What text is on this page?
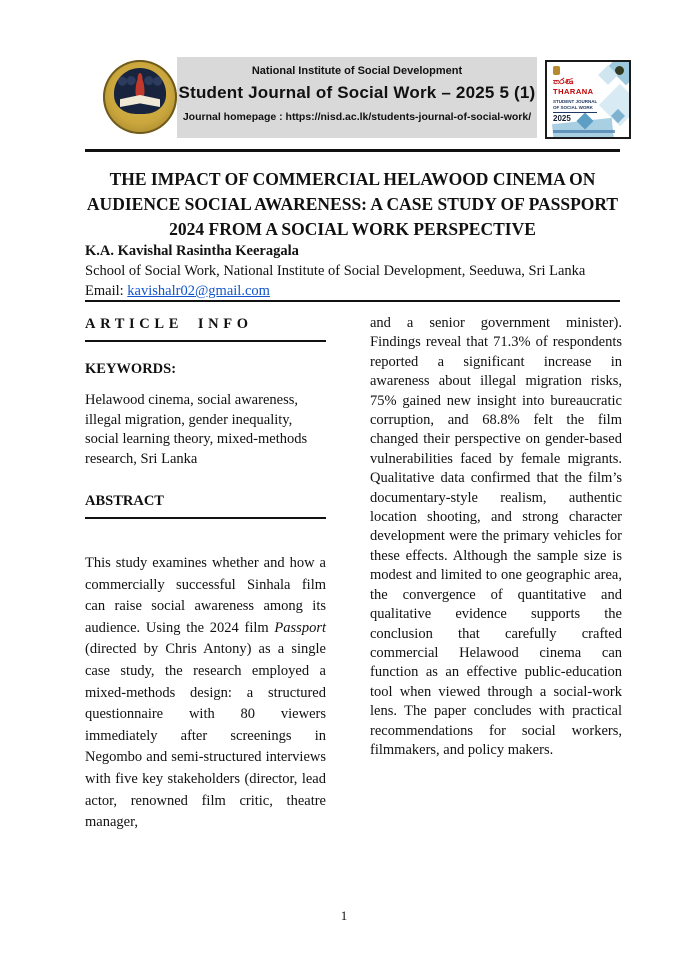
National Institute of Social Development
Student Journal of Social Work – 2025 5 (1)
Journal homepage : https://nisd.ac.lk/students-journal-of-social-work/
තරණ
THARANA
STUDENT JOURNAL
OF SOCIAL WORK
2025
THE IMPACT OF COMMERCIAL HELAWOOD CINEMA ON
AUDIENCE SOCIAL AWARENESS: A CASE STUDY OF PASSPORT
2024 FROM A SOCIAL WORK PERSPECTIVE
K.A. Kavishal Rasintha Keeragala
School of Social Work, National Institute of Social Development, Seeduwa, Sri Lanka
Email: kavishalr02@gmail.com
ARTICLE INFO
KEYWORDS:
Helawood cinema, social awareness, illegal migration, gender inequality, social learning theory, mixed-methods research, Sri Lanka
ABSTRACT
This study examines whether and how a commercially successful Sinhala film can raise social awareness among its audience. Using the 2024 film Passport (directed by Chris Antony) as a single case study, the research employed a mixed-methods design: a structured questionnaire with 80 viewers immediately after screenings in Negombo and semi-structured interviews with five key stakeholders (director, lead actor, renowned film critic, theatre manager,
and a senior government minister). Findings reveal that 71.3% of respondents reported a significant increase in awareness about illegal migration risks, 75% gained new insight into bureaucratic corruption, and 68.8% felt the film changed their perspective on gender-based vulnerabilities faced by female migrants. Qualitative data confirmed that the film’s documentary-style realism, authentic location shooting, and strong character development were the primary vehicles for these effects. Although the sample size is modest and limited to one geographic area, the convergence of quantitative and qualitative evidence supports the conclusion that carefully crafted commercial Helawood cinema can function as an effective public-education tool when viewed through a social-work lens. The paper concludes with practical recommendations for social workers, filmmakers, and policy makers.
1
